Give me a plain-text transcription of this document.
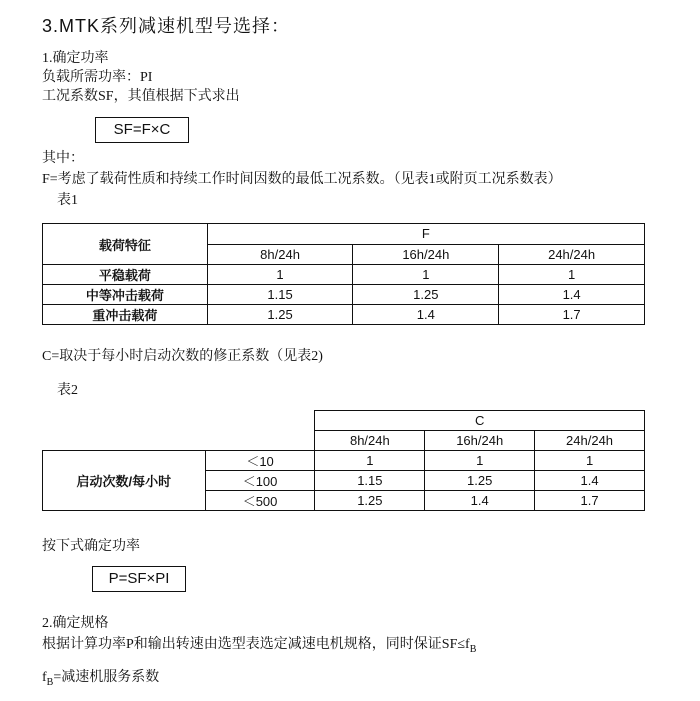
3.MTK系列减速机型号选择：
1.确定功率
负载所需功率：PI
工况系数SF，其值根据下式求出
SF=F×C
其中：
F=考虑了载荷性质和持续工作时间因数的最低工况系数。（见表1或附页工况系数表）
表1
载荷特征	F		
	8h/24h	16h/24h	24h/24h
平稳载荷	1	1	1
中等冲击载荷	1.15	1.25	1.4
重冲击载荷	1.25	1.4	1.7
C=取决于每小时启动次数的修正系数（见表2)
表2
		C		
		8h/24h	16h/24h	24h/24h
启动次数/每小时	＜10	1	1	1
	＜100	1.15	1.25	1.4
	＜500	1.25	1.4	1.7
按下式确定功率
P=SF×PI
2.确定规格
根据计算功率P和输出转速由选型表选定减速电机规格，同时保证$SF\le f_B$
$f_B=$减速机服务系数
